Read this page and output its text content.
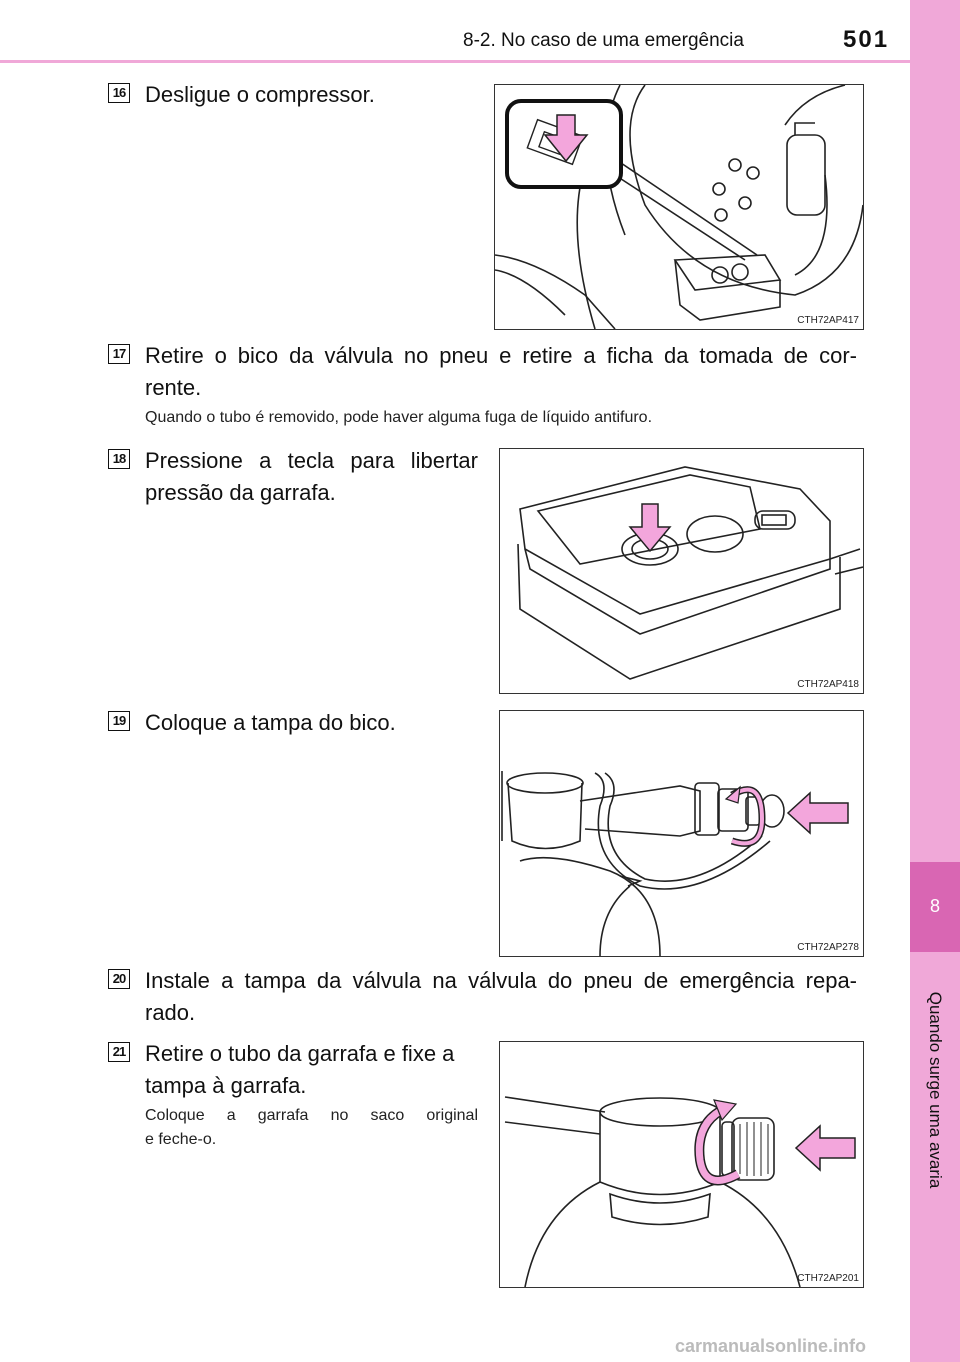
8-2. No caso de uma emergência	501
8
Quando surge uma avaria
16 Desligue o compressor.
CTH72AP417
17 Retire o bico da válvula no pneu e retire a ficha da tomada de cor-
rente.
Quando o tubo é removido, pode haver alguma fuga de líquido antifuro.
18 Pressione a tecla para libertar
pressão da garrafa.
CTH72AP418
19 Coloque a tampa do bico.
CTH72AP278
20 Instale a tampa da válvula na válvula do pneu de emergência repa-
rado.
21 Retire o tubo da garrafa e fixe a
tampa à garrafa.
Coloque a garrafa no saco original
e feche-o.
CTH72AP201
carmanualsonline.info
